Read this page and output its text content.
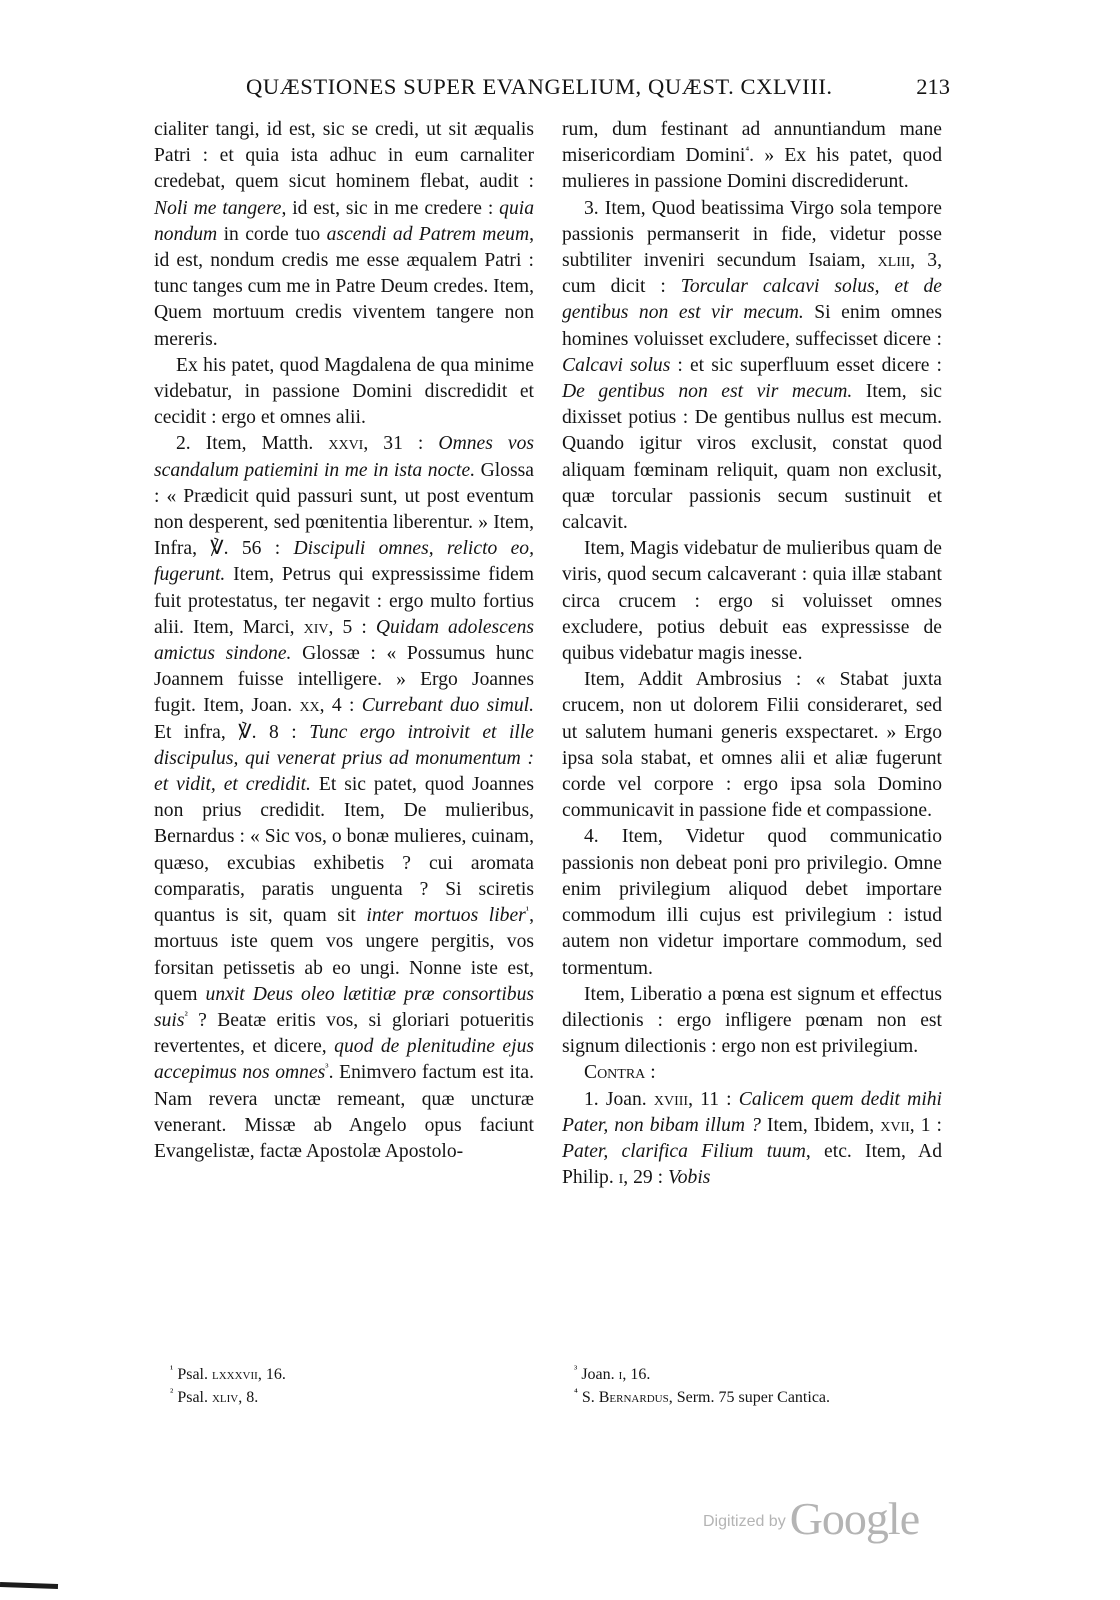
QUÆSTIONES SUPER EVANGELIUM, QUÆST. CXLVIII.	213

cialiter tangi, id est, sic se credi, ut sit æqualis Patri : et quia ista adhuc in eum carnaliter credebat, quem sicut hominem flebat, audit : Noli me tangere, id est, sic in me credere : quia nondum in corde tuo ascendi ad Patrem meum, id est, nondum credis me esse æqualem Patri : tunc tanges cum me in Patre Deum credes. Item, Quem mortuum credis viventem tangere non mereris.

Ex his patet, quod Magdalena de qua minime videbatur, in passione Domini discredidit et cecidit : ergo et omnes alii.

2. Item, Matth. xxvi, 31 : Omnes vos scandalum patiemini in me in ista nocte. Glossa : « Prædicit quid passuri sunt, ut post eventum non desperent, sed pœnitentia liberentur. » Item, Infra, ℣. 56 : Discipuli omnes, relicto eo, fugerunt. Item, Petrus qui expressissime fidem fuit protestatus, ter negavit : ergo multo fortius alii. Item, Marci, xiv, 5 : Quidam adolescens amictus sindone. Glossæ : « Possumus hunc Joannem fuisse intelligere. » Ergo Joannes fugit. Item, Joan. xx, 4 : Currebant duo simul. Et infra, ℣. 8 : Tunc ergo introivit et ille discipulus, qui venerat prius ad monumentum : et vidit, et credidit. Et sic patet, quod Joannes non prius credidit. Item, De mulieribus, Bernardus : « Sic vos, o bonæ mulieres, cuinam, quæso, excubias exhibetis ? cui aromata comparatis, paratis unguenta ? Si sciretis quantus is sit, quam sit inter mortuos liber$^{^1}$, mortuus iste quem vos ungere pergitis, vos forsitan petissetis ab eo ungi. Nonne iste est, quem unxit Deus oleo lætitiæ præ consortibus suis$^{^2}$ ? Beatæ eritis vos, si gloriari potueritis revertentes, et dicere, quod de plenitudine ejus accepimus nos omnes$^{^3}$. Enimvero factum est ita. Nam revera unctæ remeant, quæ uncturæ venerant. Missæ ab Angelo opus faciunt Evangelistæ, factæ Apostolæ Apostolo-

rum, dum festinant ad annuntiandum mane misericordiam Domini$^{^4}$. » Ex his patet, quod mulieres in passione Domini discrediderunt.

3. Item, Quod beatissima Virgo sola tempore passionis permanserit in fide, videtur posse subtiliter inveniri secundum Isaiam, xliii, 3, cum dicit : Torcular calcavi solus, et de gentibus non est vir mecum. Si enim omnes homines voluisset excludere, suffecisset dicere : Calcavi solus : et sic superfluum esset dicere : De gentibus non est vir mecum. Item, sic dixisset potius : De gentibus nullus est mecum. Quando igitur viros exclusit, constat quod aliquam fœminam reliquit, quam non exclusit, quæ torcular passionis secum sustinuit et calcavit.

Item, Magis videbatur de mulieribus quam de viris, quod secum calcaverant : quia illæ stabant circa crucem : ergo si voluisset omnes excludere, potius debuit eas expressisse de quibus videbatur magis inesse.

Item, Addit Ambrosius : « Stabat juxta crucem, non ut dolorem Filii consideraret, sed ut salutem humani generis exspectaret. » Ergo ipsa sola stabat, et omnes alii et aliæ fugerunt corde vel corpore : ergo ipsa sola Domino communicavit in passione fide et compassione.

4. Item, Videtur quod communicatio passionis non debeat poni pro privilegio. Omne enim privilegium aliquod debet importare commodum illi cujus est privilegium : istud autem non videtur importare commodum, sed tormentum.

Item, Liberatio a pœna est signum et effectus dilectionis : ergo infligere pœnam non est signum dilectionis : ergo non est privilegium.

Contra :

1. Joan. xviii, 11 : Calicem quem dedit mihi Pater, non bibam illum ? Item, Ibidem, xvii, 1 : Pater, clarifica Filium tuum, etc. Item, Ad Philip. i, 29 : Vobis

$^{^1}$ Psal. lxxxvii, 16.
$^{^2}$ Psal. xliv, 8.
$^{^3}$ Joan. i, 16.
$^{^4}$ S. Bernardus, Serm. 75 super Cantica.
Digitized by Google
